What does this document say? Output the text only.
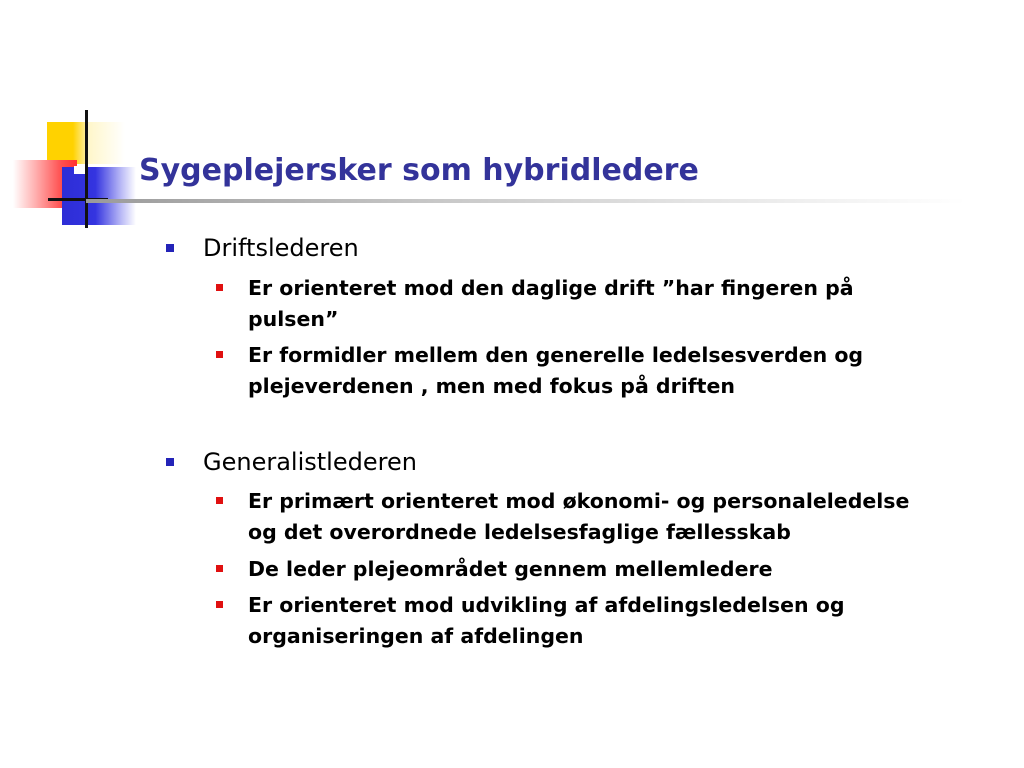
Sygeplejersker som hybridledere
Driftslederen
Er orienteret mod den daglige drift ”har fingeren på
pulsen”
Er formidler mellem den generelle ledelsesverden og
plejeverdenen , men med fokus på driften
Generalistlederen
Er primært orienteret mod økonomi- og personaleledelse
og det overordnede ledelsesfaglige fællesskab
De leder plejeområdet gennem mellemledere
Er orienteret mod udvikling af afdelingsledelsen og
organiseringen af afdelingen
